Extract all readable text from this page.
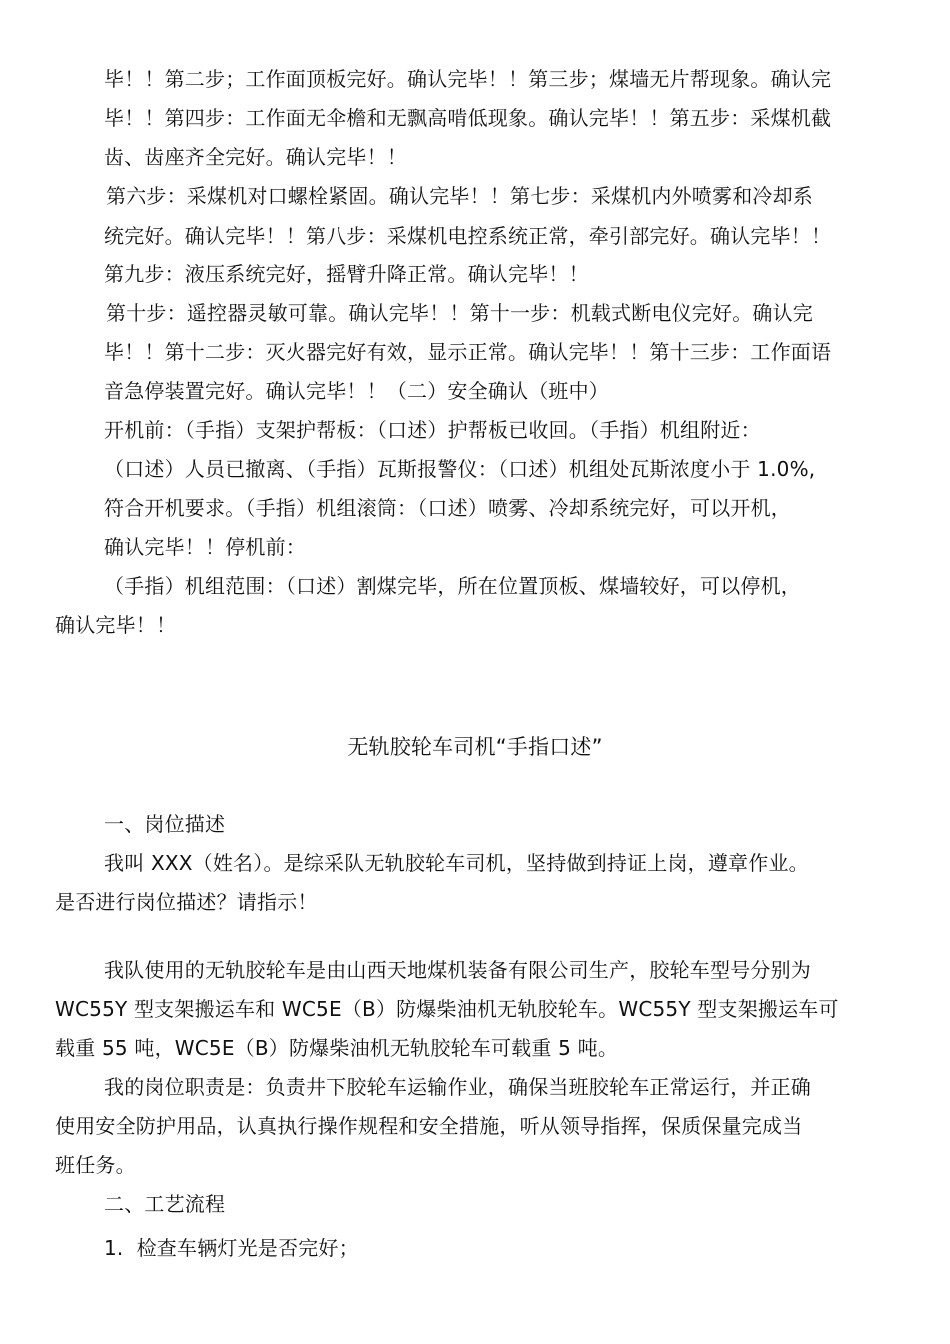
毕！！第二步；工作面顶板完好。确认完毕！！第三步；煤墙无片帮现象。确认完
毕！！第四步：工作面无伞檐和无飘高啃低现象。确认完毕！！第五步：采煤机截
齿、齿座齐全完好。确认完毕！！
第六步：采煤机对口螺栓紧固。确认完毕！！第七步：采煤机内外喷雾和冷却系
统完好。确认完毕！！第八步：采煤机电控系统正常，牵引部完好。确认完毕！！
第九步：液压系统完好，摇臂升降正常。确认完毕！！
第十步：遥控器灵敏可靠。确认完毕！！第十一步：机载式断电仪完好。确认完
毕！！第十二步：灭火器完好有效，显示正常。确认完毕！！第十三步：工作面语
音急停装置完好。确认完毕！！（二）安全确认（班中）
开机前：（手指）支架护帮板：（口述）护帮板已收回。（手指）机组附近：
（口述）人员已撤离、（手指）瓦斯报警仪：（口述）机组处瓦斯浓度小于 1.0%,
符合开机要求。（手指）机组滚筒：（口述）喷雾、冷却系统完好，可以开机，
确认完毕！！停机前：
（手指）机组范围：（口述）割煤完毕，所在位置顶板、煤墙较好，可以停机，
确认完毕！！
无轨胶轮车司机“手指口述”
一、岗位描述
我叫 XXX（姓名）。是综采队无轨胶轮车司机，坚持做到持证上岗，遵章作业。
是否进行岗位描述？请指示！
我队使用的无轨胶轮车是由山西天地煤机装备有限公司生产，胶轮车型号分别为
WC55Y 型支架搬运车和 WC5E（B）防爆柴油机无轨胶轮车。WC55Y 型支架搬运车可
载重 55 吨，WC5E（B）防爆柴油机无轨胶轮车可载重 5 吨。
我的岗位职责是：负责井下胶轮车运输作业，确保当班胶轮车正常运行，并正确
使用安全防护用品，认真执行操作规程和安全措施，听从领导指挥，保质保量完成当
班任务。
二、工艺流程
1.  检查车辆灯光是否完好；
